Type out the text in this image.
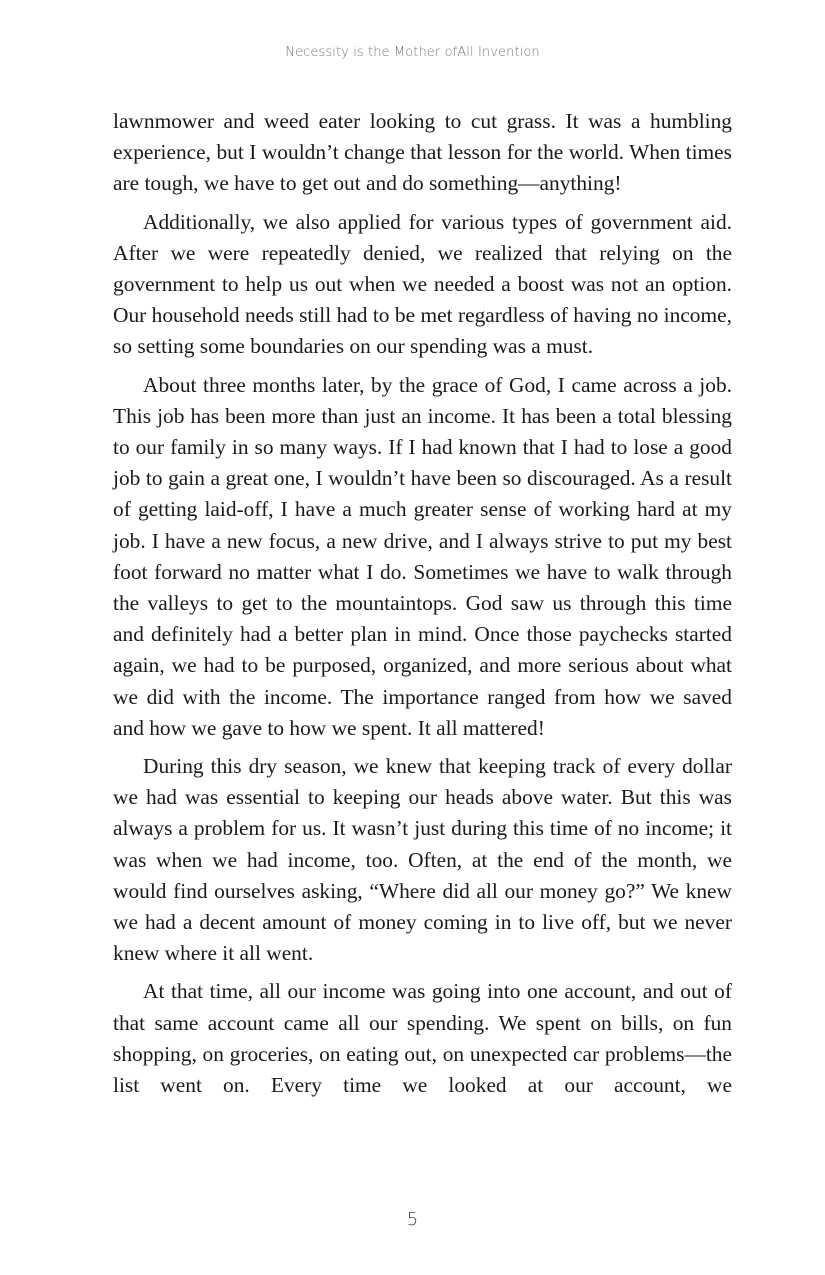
Necessity is the Mother ofAll Invention

lawnmower and weed eater looking to cut grass. It was a humbling experience, but I wouldn’t change that lesson for the world. When times are tough, we have to get out and do something—anything!

Additionally, we also applied for various types of government aid. After we were repeatedly denied, we realized that relying on the government to help us out when we needed a boost was not an option. Our household needs still had to be met regardless of having no income, so setting some boundaries on our spending was a must.

About three months later, by the grace of God, I came across a job. This job has been more than just an income. It has been a total blessing to our family in so many ways. If I had known that I had to lose a good job to gain a great one, I wouldn’t have been so discouraged. As a result of getting laid-off, I have a much greater sense of working hard at my job. I have a new focus, a new drive, and I always strive to put my best foot forward no matter what I do. Sometimes we have to walk through the valleys to get to the mountaintops. God saw us through this time and definitely had a better plan in mind. Once those paychecks started again, we had to be purposed, organized, and more serious about what we did with the income. The importance ranged from how we saved and how we gave to how we spent. It all mattered!

During this dry season, we knew that keeping track of every dollar we had was essential to keeping our heads above water. But this was always a problem for us. It wasn’t just during this time of no income; it was when we had income, too. Often, at the end of the month, we would find ourselves asking, “Where did all our money go?” We knew we had a decent amount of money coming in to live off, but we never knew where it all went.

At that time, all our income was going into one account, and out of that same account came all our spending. We spent on bills, on fun shopping, on groceries, on eating out, on unexpected car problems—the list went on. Every time we looked at our account, we

5
